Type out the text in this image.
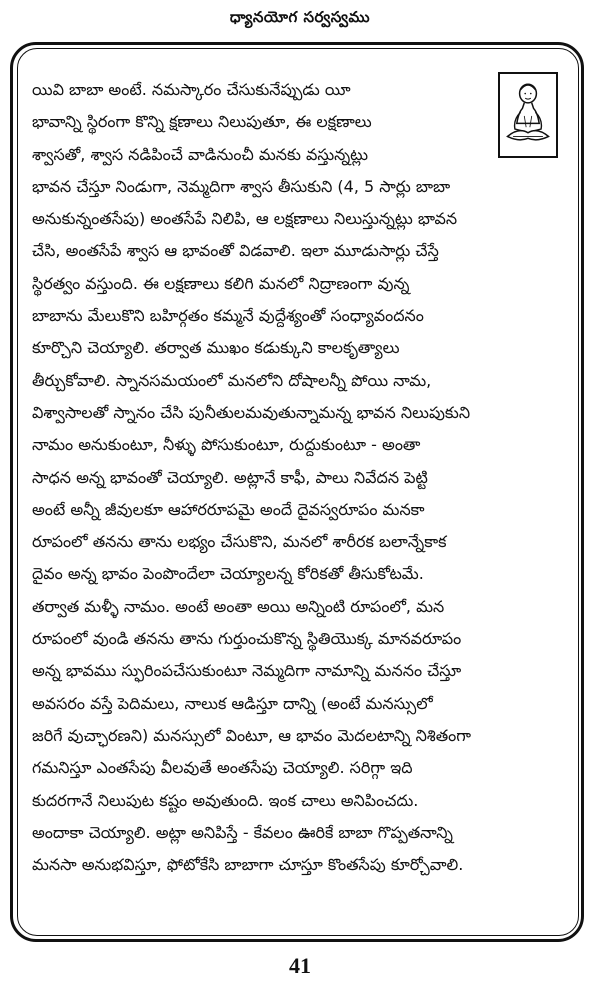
ధ్యానయోగ సర్వస్వము
యివి బాబా అంటే. నమస్కారం చేసుకునేప్పుడు యీ
భావాన్ని స్థిరంగా కొన్ని క్షణాలు నిలుపుతూ, ఈ లక్షణాలు
శ్వాసతో, శ్వాస నడిపించే వాడినుంచీ మనకు వస్తున్నట్లు
భావన చేస్తూ నిండుగా, నెమ్మదిగా శ్వాస తీసుకుని (4, 5 సార్లు బాబా
అనుకున్నంతసేపు) అంతసేపే నిలిపి, ఆ లక్షణాలు నిలుస్తున్నట్లు భావన
చేసి, అంతసేపే శ్వాస ఆ భావంతో విడవాలి. ఇలా మూడుసార్లు చేస్తే
స్థిరత్వం వస్తుంది. ఈ లక్షణాలు కలిగి మనలో నిద్రాణంగా వున్న
బాబాను మేలుకొని బహిర్గతం కమ్మనే వుద్దేశ్యంతో సంధ్యావందనం
కూర్చొని చెయ్యాలి. తర్వాత ముఖం కడుక్కుని కాలకృత్యాలు
తీర్చుకోవాలి. స్నానసమయంలో మనలోని దోషాలన్నీ పోయి నామ,
విశ్వాసాలతో స్నానం చేసి పునీతులమవుతున్నామన్న భావన నిలుపుకుని
నామం అనుకుంటూ, నీళ్ళు పోసుకుంటూ, రుద్దుకుంటూ - అంతా
సాధన అన్న భావంతో చెయ్యాలి. అట్లానే కాఫీ, పాలు నివేదన పెట్టి
అంటే అన్నీ జీవులకూ ఆహారరూపమై అందే దైవస్వరూపం మనకా
రూపంలో తనను తాను లభ్యం చేసుకొని, మనలో శారీరక బలాన్నేకాక
దైవం అన్న భావం పెంపొందేలా చెయ్యాలన్న కోరికతో తీసుకోటమే.
తర్వాత మళ్ళీ నామం. అంటే అంతా అయి అన్నింటి రూపంలో, మన
రూపంలో వుండి తనను తాను గుర్తుంచుకొన్న స్థితియొక్క మానవరూపం
అన్న భావము స్ఫురింపచేసుకుంటూ నెమ్మదిగా నామాన్ని మననం చేస్తూ
అవసరం వస్తే పెదిమలు, నాలుక ఆడిస్తూ దాన్ని (అంటే మనస్సులో
జరిగే వుచ్ఛారణని) మనస్సులో వింటూ, ఆ భావం మెదలటాన్ని నిశితంగా
గమనిస్తూ ఎంతసేపు వీలవుతే అంతసేపు చెయ్యాలి. సరిగ్గా ఇది
కుదరగానే నిలుపుట కష్టం అవుతుంది. ఇంక చాలు అనిపించదు.
అందాకా చెయ్యాలి. అట్లా అనిపిస్తే - కేవలం ఊరికే బాబా గొప్పతనాన్ని
మనసా అనుభవిస్తూ, ఫోటోకేసి బాబాగా చూస్తూ కొంతసేపు కూర్చోవాలి.
41
